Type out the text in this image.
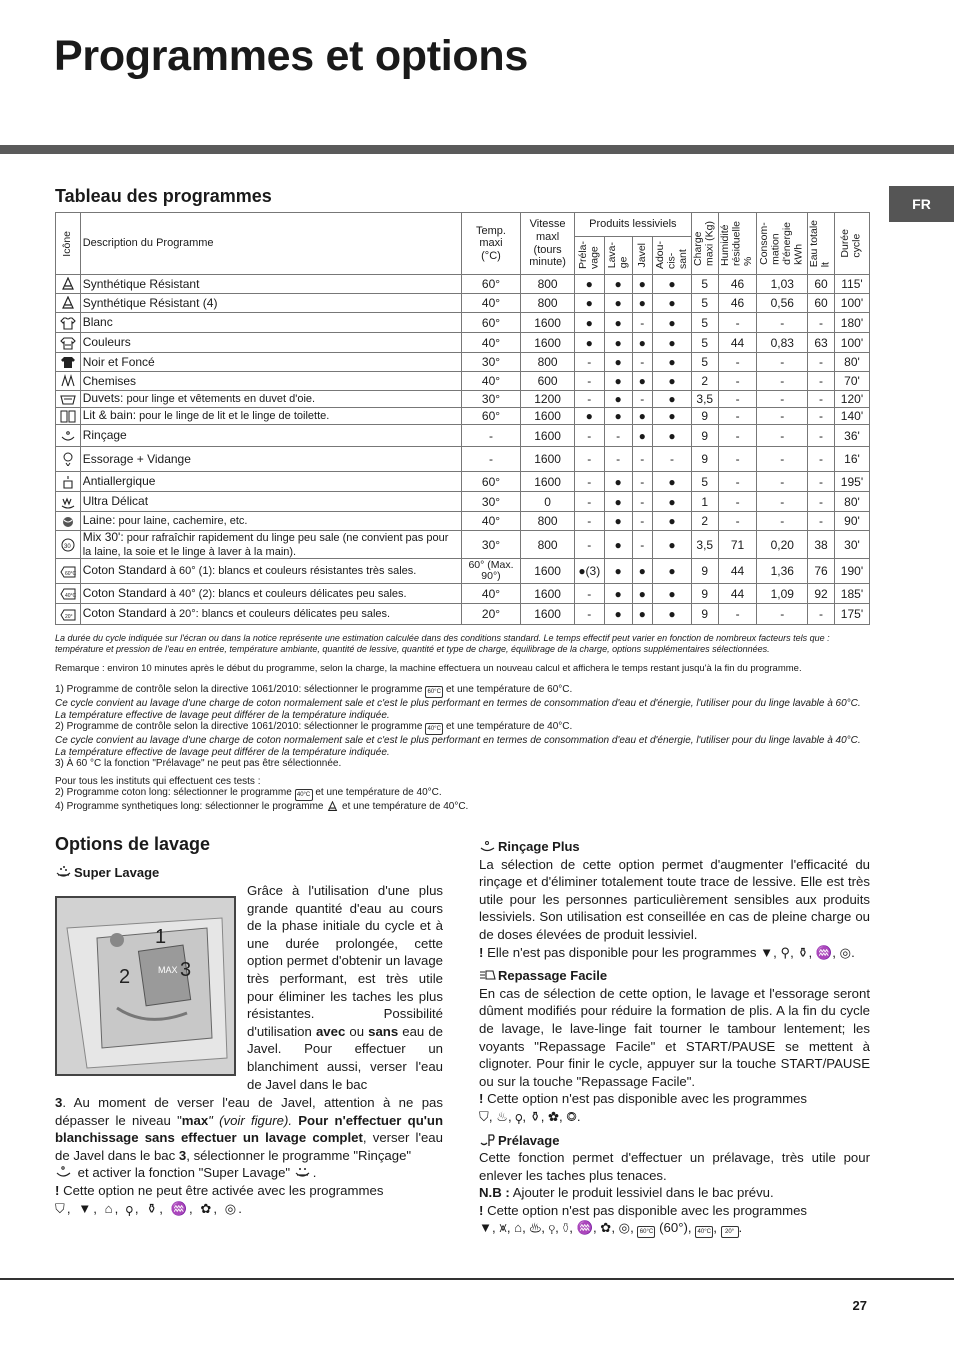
Programmes et options
FR
Tableau des programmes
Icône	Description du Programme	Temp.
maxi
(°C)	Vitesse
maxl
(tours
minute)	Produits lessiviels				Charge
maxi (Kg)	Humidité
résiduelle
%	Consom-
mation
d'énergie
kWh	Eau totale
lt	Durée
cycle

				Préla-
vage	Lava-
ge	Javel	Adou-
cis-
sant					

	Synthétique Résistant	60°	800	●	●	●	●	5	46	1,03	60	115'
	Synthétique Résistant (4)	40°	800	●	●	●	●	5	46	0,56	60	100'
	Blanc	60°	1600	●	●	-	●	5	-	-	-	180'
	Couleurs	40°	1600	●	●	●	●	5	44	0,83	63	100'
	Noir et Foncé	30°	800	-	●	-	●	5	-	-	-	80'
	Chemises	40°	600	-	●	●	●	2	-	-	-	70'
	Duvets: pour linge et vêtements en duvet d'oie.	30°	1200	-	●	-	●	3,5	-	-	-	120'
	Lit & bain: pour le linge de lit et le linge de toilette.	60°	1600	●	●	●	●	9	-	-	-	140'
	Rinçage	-	1600	-	-	●	●	9	-	-	-	36'
	Essorage + Vidange	-	1600	-	-	-	-	9	-	-	-	16'
	Antiallergique	60°	1600	-	●	-	●	5	-	-	-	195'
	Ultra Délicat	30°	0	-	●	-	●	1	-	-	-	80'
	Laine: pour laine, cachemire, etc.	40°	800	-	●	-	●	2	-	-	-	90'

30	Mix 30': pour rafraîchir rapidement du linge peu sale (ne convient pas pour la laine, la soie et le linge à laver à la main).	30°	800	-	●	-	●	3,5	71	0,20	38	30'

60°C	Coton Standard à 60° (1): blancs et couleurs résistantes très sales.	60° (Max. 90°)	1600	●(3)	●	●	●	9	44	1,36	76	190'

40°C	Coton Standard à 40° (2): blancs et couleurs délicates peu sales.	40°	1600	-	●	●	●	9	44	1,09	92	185'

20°	Coton Standard à 20°: blancs et couleurs délicates peu sales.	20°	1600	-	●	●	●	9	-	-	-	175'
La durée du cycle indiquée sur l'écran ou dans la notice représente une estimation calculée dans des conditions standard. Le temps effectif peut varier en fonction de nombreux facteurs tels que : température et pression de l'eau en entrée, température ambiante, quantité de lessive, quantité et type de charge, équilibrage de la charge, options supplémentaires sélectionnées.
Remarque : environ 10 minutes après le début du programme, selon la charge, la machine effectuera un nouveau calcul et affichera le temps restant jusqu'à la fin du programme.
1) Programme de contrôle selon la directive 1061/2010: sélectionner le programme 60°C et une température de 60°C.
Ce cycle convient au lavage d'une charge de coton normalement sale et c'est le plus performant en termes de consommation d'eau et d'énergie, l'utiliser pour du linge lavable à 60°C. La température effective de lavage peut différer de la température indiquée.
2) Programme de contrôle selon la directive 1061/2010: sélectionner le programme 40°C et une température de 40°C.
Ce cycle convient au lavage d'une charge de coton normalement sale et c'est le plus performant en termes de consommation d'eau et d'énergie, l'utiliser pour du linge lavable à 40°C. La température effective de lavage peut différer de la température indiquée.
3) À 60 °C la fonction "Prélavage" ne peut pas être sélectionnée.
Pour tous les instituts qui effectuent ces tests :
2) Programme coton long: sélectionner le programme 40°C et une température de 40°C.
4) Programme synthetiques long: sélectionner le programme et une température de 40°C.
Options de lavage
Super Lavage
MAX
1
2 3
Grâce à l'utilisation d'une plus grande quantité d'eau au cours de la phase initiale du cycle et à une durée prolongée, cette option permet d'obtenir un lavage très performant, est très utile pour éliminer les taches les plus résistantes. Possibilité d'utilisation avec ou sans eau de Javel. Pour effectuer un blanchiment aussi, verser l'eau de Javel dans le bac
3. Au moment de verser l'eau de Javel, attention à ne pas dépasser le niveau "max" (voir figure). Pour n'effectuer qu'un blanchissage sans effectuer un lavage complet, verser l'eau de Javel dans le bac 3, sélectionner le programme "Rinçage"
et activer la fonction "Super Lavage" .
! Cette option ne peut être activée avec les programmes
⛉, ▼, ⌂, ⚲, ⚱, ♒, ✿, ◎.
Rinçage Plus
La sélection de cette option permet d'augmenter l'efficacité du rinçage et d'éliminer totalement toute trace de lessive. Elle est très utile pour les personnes particulièrement sensibles aux produits lessiviels. Son utilisation est conseillée en cas de pleine charge ou de doses élevées de produit lessiviel.
! Elle n'est pas disponible pour les programmes ▼, ⚲, ⚱, ♒, ◎.
Repassage Facile
En cas de sélection de cette option, le lavage et l'essorage seront dûment modifiés pour réduire la formation de plis. A la fin du cycle de lavage, le lave-linge fait tourner le tambour lentement; les voyants "Repassage Facile" et START/PAUSE se mettent à clignoter. Pour finir le cycle, appuyer sur la touche START/PAUSE ou sur la touche "Repassage Facile".
! Cette option n'est pas disponible avec les programmes
⛉, ♨, ⚲, ⚱, ✿, ◎.
Prélavage
Cette fonction permet d'effectuer un prélavage, très utile pour enlever les taches plus tenaces.
N.B : Ajouter le produit lessiviel dans le bac prévu.
! Cette option n'est pas disponible avec les programmes
▼, ⩙, ⌂, ♨, ⚲, ⚱, ♒, ✿, ◎, 60°C (60°), 40°C , 20° .
27
